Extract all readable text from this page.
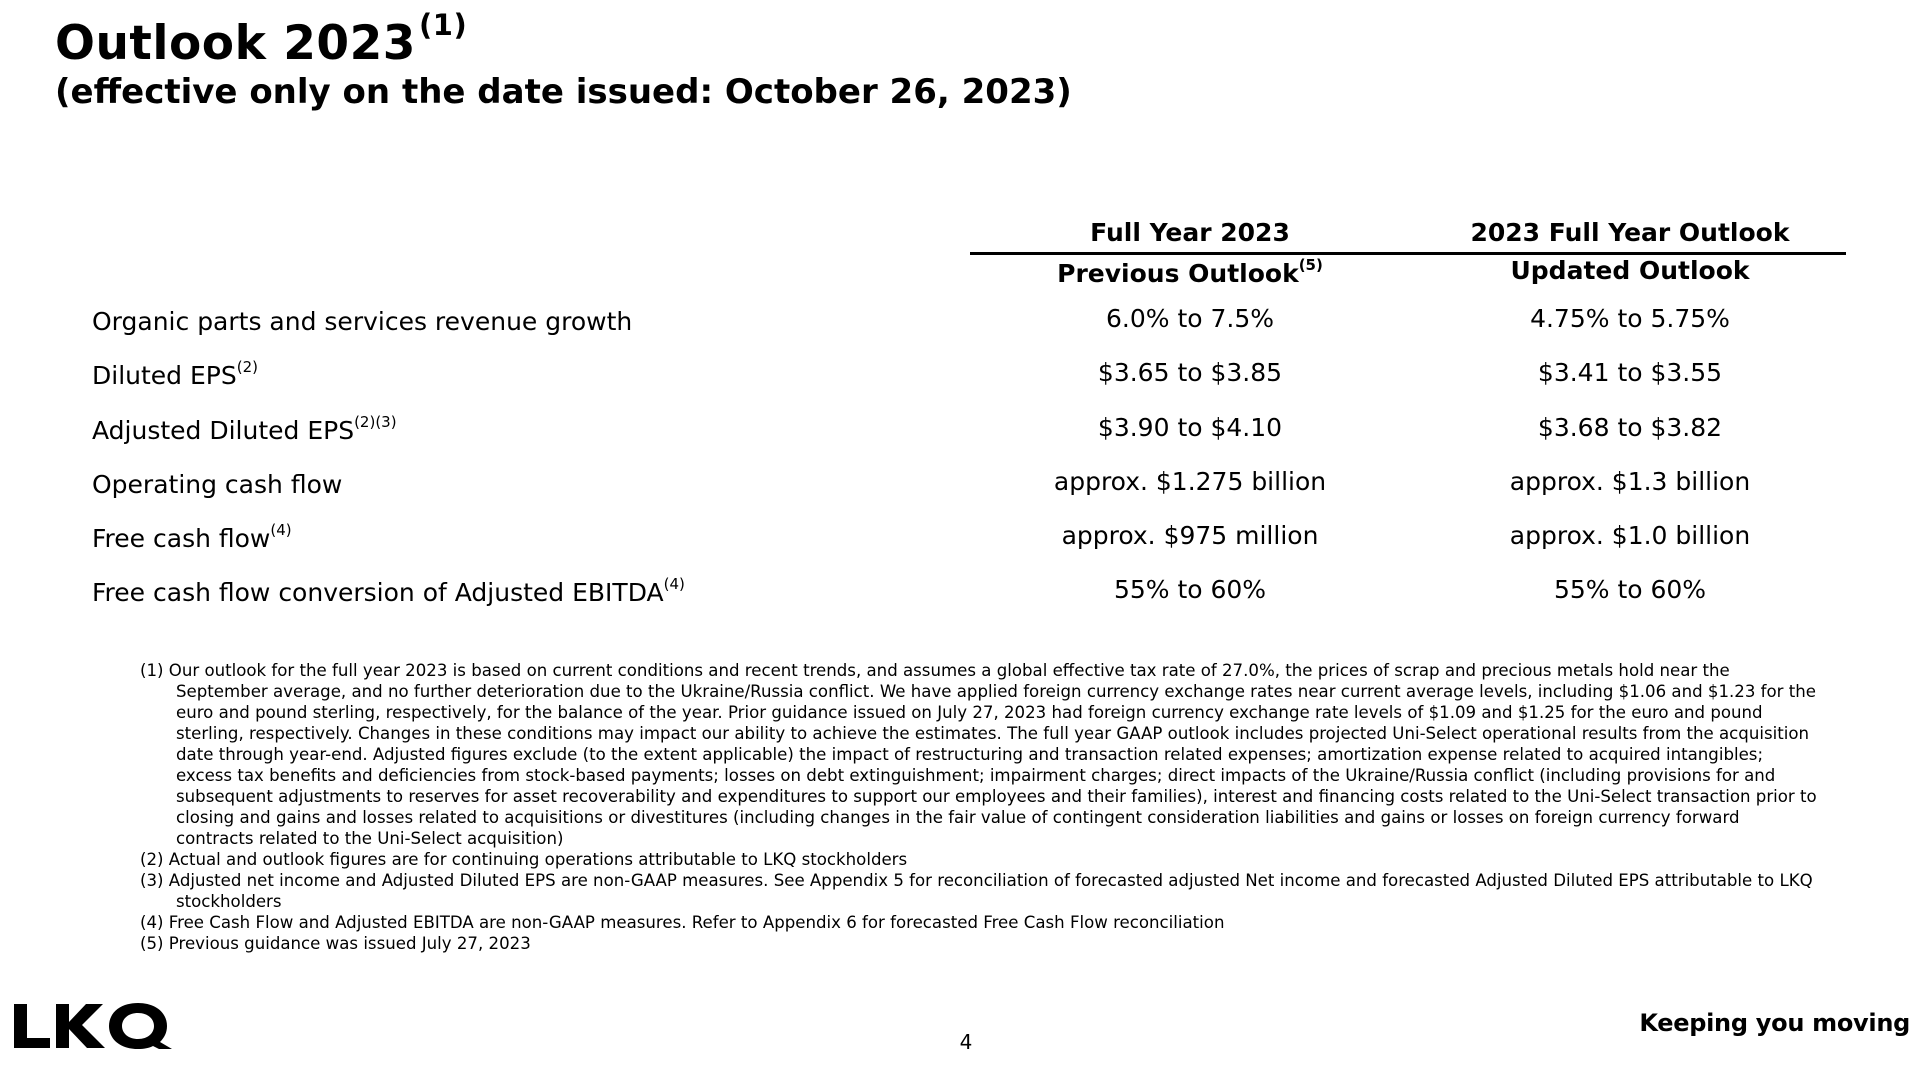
Outlook 2023 $^{(1)}$
(effective only on the date issued: October 26, 2023)
Full Year 2023	2023 Full Year Outlook
Previous Outlook$^{(5)}$	Updated Outlook
Organic parts and services revenue growth	6.0% to 7.5%	4.75% to 5.75%
Diluted EPS$^{(2)}$	$3.65 to $3.85	$3.41 to $3.55
Adjusted Diluted $EPS^{(2)(3)}$	$3.90 to $4.10	$3.68 to $3.82
Operating cash flow	approx. $1.275 billion	approx. $1.3 billion
Free cash flow$^{(4)}$	approx. $975 million	approx. $1.0 billion
Free cash flow conversion of Adjusted EBITDA$^{(4)}$	55% to 60%	55% to 60%

(1) Our outlook for the full year 2023 is based on current conditions and recent trends, and assumes a global effective tax rate of 27.0%, the prices of scrap and precious metals hold near the September average, and no further deterioration due to the Ukraine/Russia conflict. We have applied foreign currency exchange rates near current average levels, including $1.06 and $1.23 for the euro and pound sterling, respectively, for the balance of the year. Prior guidance issued on July 27, 2023 had foreign currency exchange rate levels of $1.09 and $1.25 for the euro and pound sterling, respectively. Changes in these conditions may impact our ability to achieve the estimates. The full year GAAP outlook includes projected Uni-Select operational results from the acquisition date through year-end. Adjusted figures exclude (to the extent applicable) the impact of restructuring and transaction related expenses; amortization expense related to acquired intangibles; excess tax benefits and deficiencies from stock-based payments; losses on debt extinguishment; impairment charges; direct impacts of the Ukraine/Russia conflict (including provisions for and subsequent adjustments to reserves for asset recoverability and expenditures to support our employees and their families), interest and financing costs related to the Uni-Select transaction prior to closing and gains and losses related to acquisitions or divestitures (including changes in the fair value of contingent consideration liabilities and gains or losses on foreign currency forward contracts related to the Uni-Select acquisition)

(2) Actual and outlook figures are for continuing operations attributable to LKQ stockholders

(3) Adjusted net income and Adjusted Diluted EPS are non-GAAP measures. See Appendix 5 for reconciliation of forecasted adjusted Net income and forecasted Adjusted Diluted EPS attributable to LKQ stockholders

(4) Free Cash Flow and Adjusted EBITDA are non-GAAP measures. Refer to Appendix 6 for forecasted Free Cash Flow reconciliation

(5) Previous guidance was issued July 27, 2023

4
Keeping you moving
